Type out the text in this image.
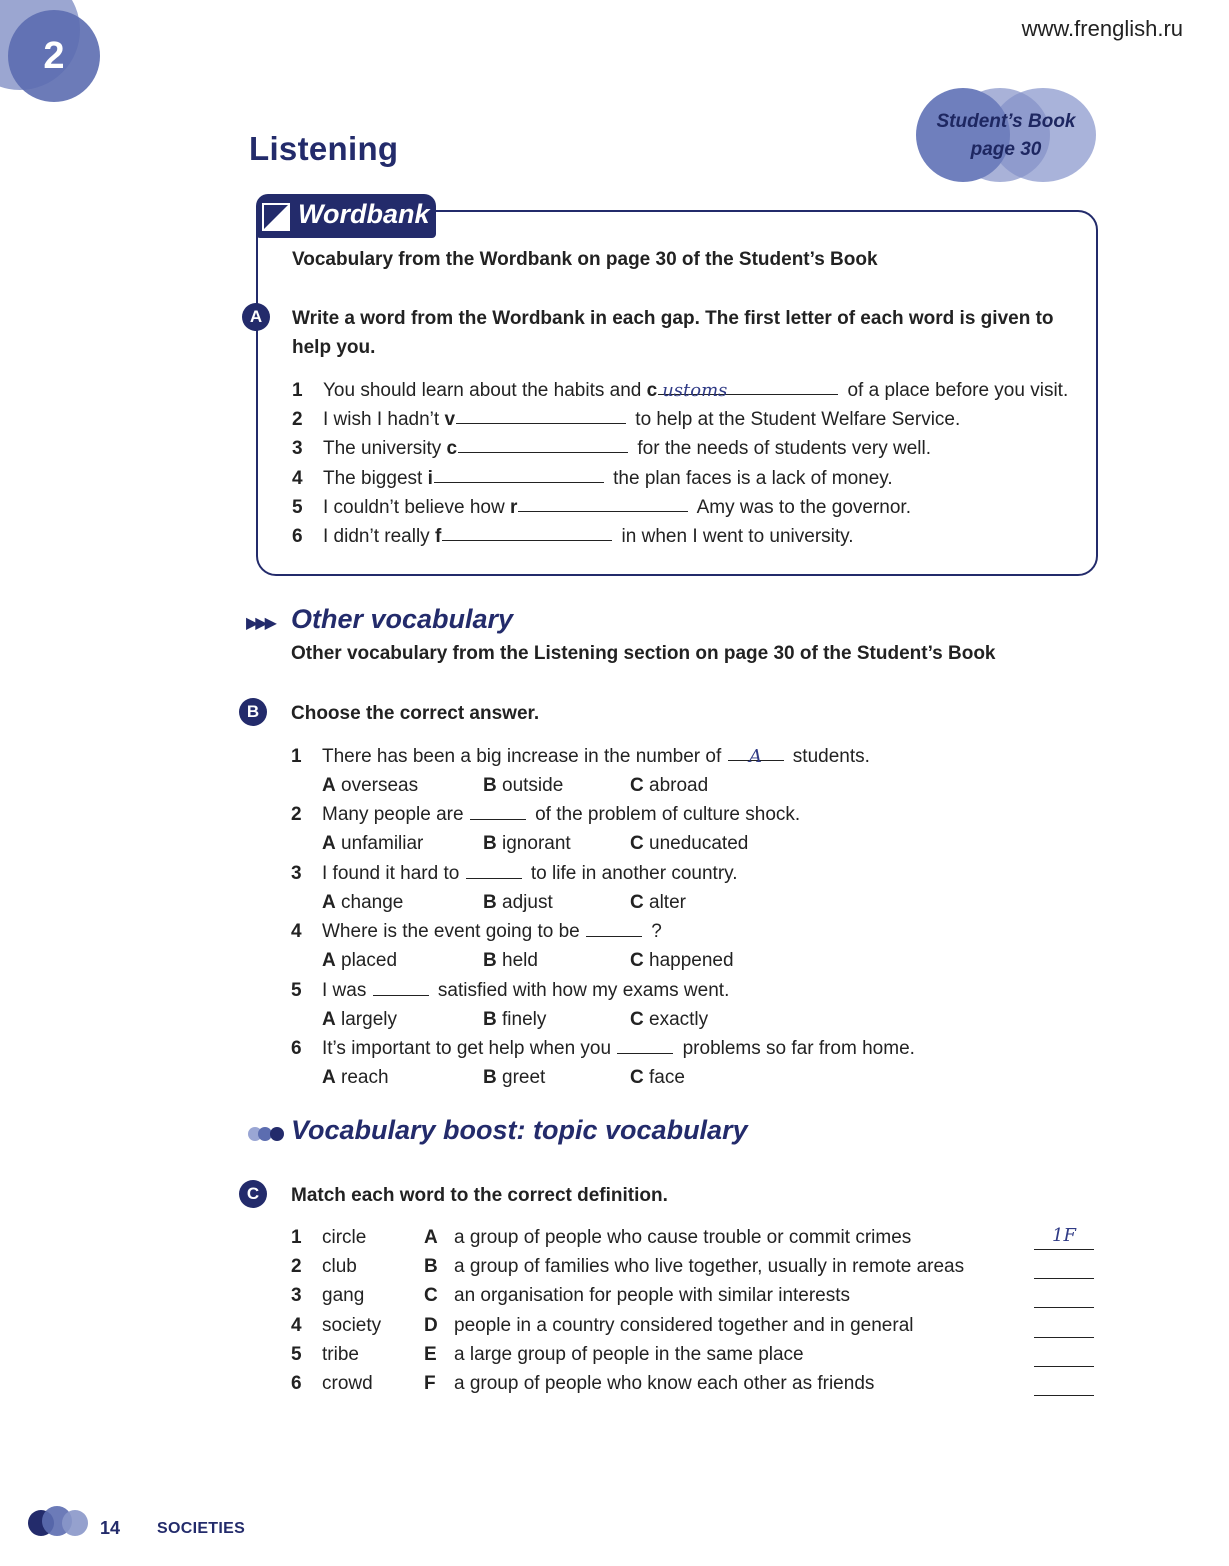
2
www.frenglish.ru
Listening
Student’s Book
page 30
Wordbank
Vocabulary from the Wordbank on page 30 of the Student’s Book
A	Write a word from the Wordbank in each gap. The first letter of each word is given to help you.
1 You should learn about the habits and c ustoms	of a place before you visit.
2 I wish I hadn’t v	to help at the Student Welfare Service.
3 The university c	for the needs of students very well.
4 The biggest i	the plan faces is a lack of money.
5 I couldn’t believe how r	Amy was to the governor.
6 I didn’t really f	in when I went to university.
▶▶▶ Other vocabulary
Other vocabulary from the Listening section on page 30 of the Student’s Book
B	Choose the correct answer.
1 There has been a big increase in the number of A students.
A overseas	B outside	C abroad
2 Many people are	of the problem of culture shock.
A unfamiliar	B ignorant	C uneducated
3 I found it hard to	to life in another country.
A change	B adjust	C alter
4 Where is the event going to be	?
A placed	B held	C happened
5 I was	satisfied with how my exams went.
A largely	B finely	C exactly
6 It’s important to get help when you	problems so far from home.
A reach	B greet	C face
Vocabulary boost: topic vocabulary
C	Match each word to the correct definition.
1 circle	A a group of people who cause trouble or commit crimes	1F
2 club	B a group of families who live together, usually in remote areas
3 gang	C an organisation for people with similar interests
4 society D people in a country considered together and in general
5 tribe	E a large group of people in the same place
6 crowd	F a group of people who know each other as friends
14 SOCIETIES
